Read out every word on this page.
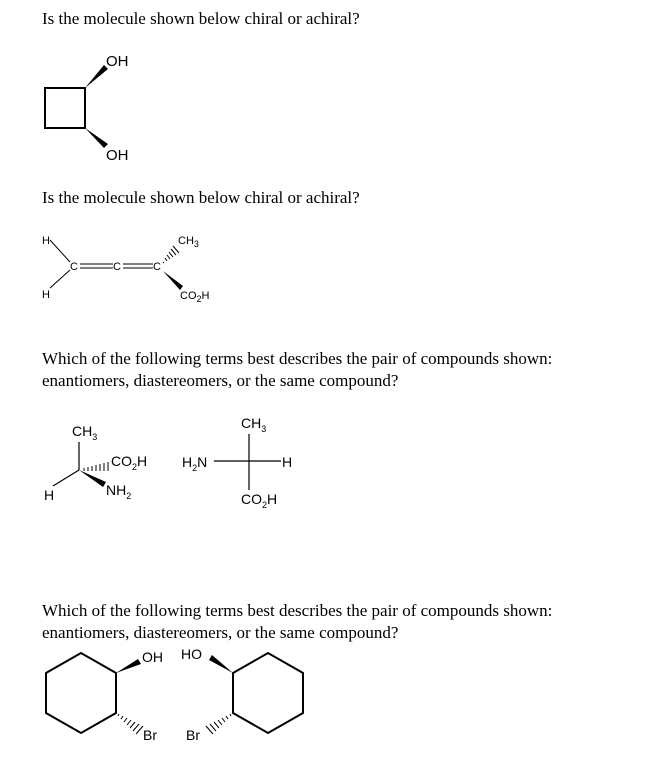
Is the molecule shown below chiral or achiral?
Is the molecule shown below chiral or achiral?
Which of the following terms best describes the pair of compounds shown:
enantiomers, diastereomers, or the same compound?
Which of the following terms best describes the pair of compounds shown:
enantiomers, diastereomers, or the same compound?
OH
OH
H
H
C	C	C
$CH_3$
$CO_2H$
$CH_3$
H
$CO_2H$
$NH_2$
$CH_3$
$H_2N$	H
$CO_2H$
OH
Br
HO
Br
